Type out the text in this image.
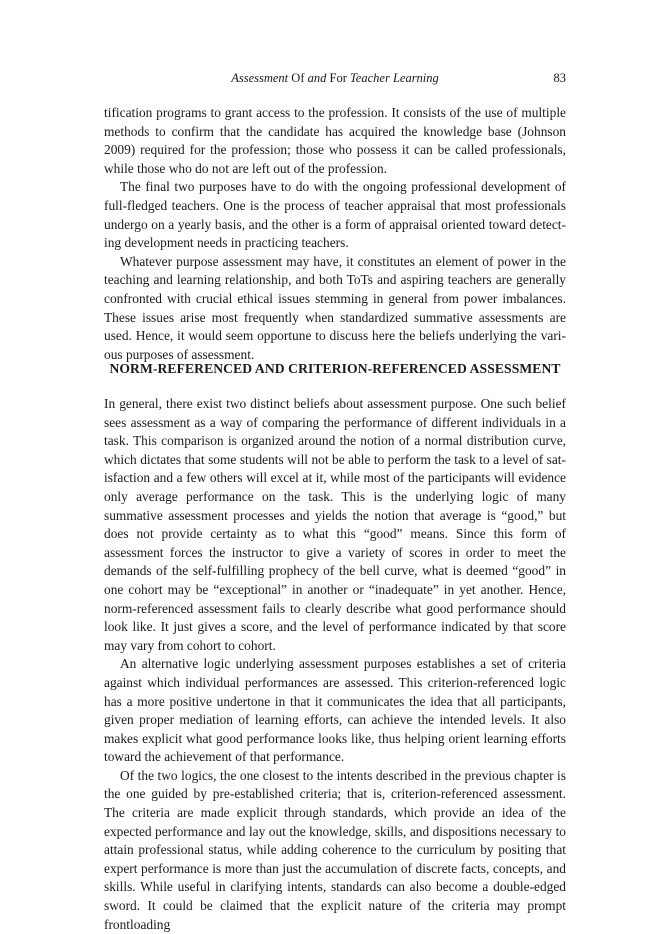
Assessment Of and For Teacher Learning	83

tification programs to grant access to the profession. It consists of the use of multiple methods to confirm that the candidate has acquired the knowledge base (Johnson 2009) required for the profession; those who possess it can be called professionals, while those who do not are left out of the profession.

The final two purposes have to do with the ongoing professional development of full-fledged teachers. One is the process of teacher appraisal that most professionals undergo on a yearly basis, and the other is a form of appraisal oriented toward detecting development needs in practicing teachers.

Whatever purpose assessment may have, it constitutes an element of power in the teaching and learning relationship, and both ToTs and aspiring teachers are generally confronted with crucial ethical issues stemming in general from power imbalances. These issues arise most frequently when standardized summative assessments are used. Hence, it would seem opportune to discuss here the beliefs underlying the various purposes of assessment.

NORM-REFERENCED AND CRITERION-REFERENCED ASSESSMENT

In general, there exist two distinct beliefs about assessment purpose. One such belief sees assessment as a way of comparing the performance of different individuals in a task. This comparison is organized around the notion of a normal distribution curve, which dictates that some students will not be able to perform the task to a level of satisfaction and a few others will excel at it, while most of the participants will evidence only average performance on the task. This is the underlying logic of many summative assessment processes and yields the notion that average is “good,” but does not provide certainty as to what this “good” means. Since this form of assessment forces the instructor to give a variety of scores in order to meet the demands of the self-fulfilling prophecy of the bell curve, what is deemed “good” in one cohort may be “exceptional” in another or “inadequate” in yet another. Hence, norm-referenced assessment fails to clearly describe what good performance should look like. It just gives a score, and the level of performance indicated by that score may vary from cohort to cohort.

An alternative logic underlying assessment purposes establishes a set of criteria against which individual performances are assessed. This criterion-referenced logic has a more positive undertone in that it communicates the idea that all participants, given proper mediation of learning efforts, can achieve the intended levels. It also makes explicit what good performance looks like, thus helping orient learning efforts toward the achievement of that performance.

Of the two logics, the one closest to the intents described in the previous chapter is the one guided by pre-established criteria; that is, criterion-referenced assessment. The criteria are made explicit through standards, which provide an idea of the expected performance and lay out the knowledge, skills, and dispositions necessary to attain professional status, while adding coherence to the curriculum by positing that expert performance is more than just the accumulation of discrete facts, concepts, and skills. While useful in clarifying intents, standards can also become a double-edged sword. It could be claimed that the explicit nature of the criteria may prompt frontloading
